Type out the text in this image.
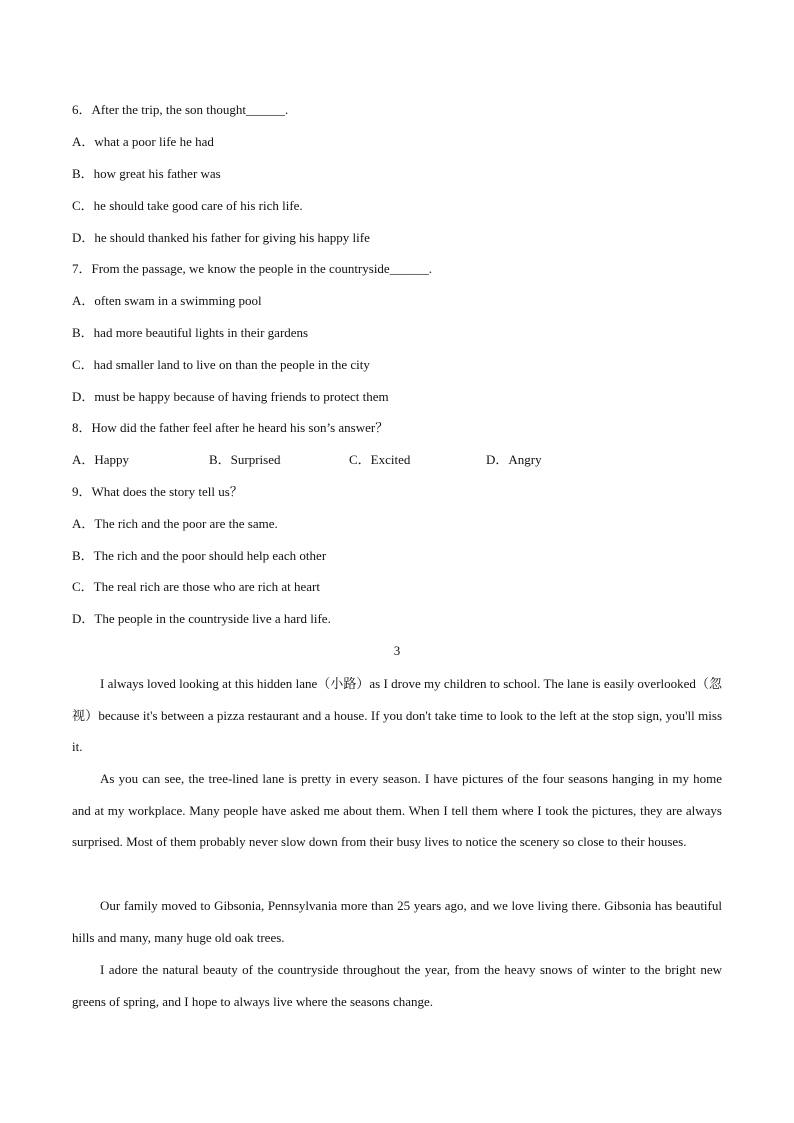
6．After the trip, the son thought______.
A．what a poor life he had
B．how great his father was
C．he should take good care of his rich life.
D．he should thanked his father for giving his happy life
7．From the passage, we know the people in the countryside______.
A．often swam in a swimming pool
B．had more beautiful lights in their gardens
C．had smaller land to live on than the people in the city
D．must be happy because of having friends to protect them
8．How did the father feel after he heard his son’s answer？
A．Happy	B．Surprised	C．Excited	D．Angry
9．What does the story tell us？
A．The rich and the poor are the same.
B．The rich and the poor should help each other
C．The real rich are those who are rich at heart
D．The people in the countryside live a hard life.
3
I always loved looking at this hidden lane（小路）as I drove my children to school. The lane is easily overlooked（忽视）because it's between a pizza restaurant and a house. If you don't take time to look to the left at the stop sign, you'll miss it.
As you can see, the tree-lined lane is pretty in every season. I have pictures of the four seasons hanging in my home and at my workplace. Many people have asked me about them. When I tell them where I took the pictures, they are always surprised. Most of them probably never slow down from their busy lives to notice the scenery so close to their houses.
Our family moved to Gibsonia, Pennsylvania more than 25 years ago, and we love living there. Gibsonia has beautiful hills and many, many huge old oak trees.
I adore the natural beauty of the countryside throughout the year, from the heavy snows of winter to the bright new greens of spring, and I hope to always live where the seasons change.
